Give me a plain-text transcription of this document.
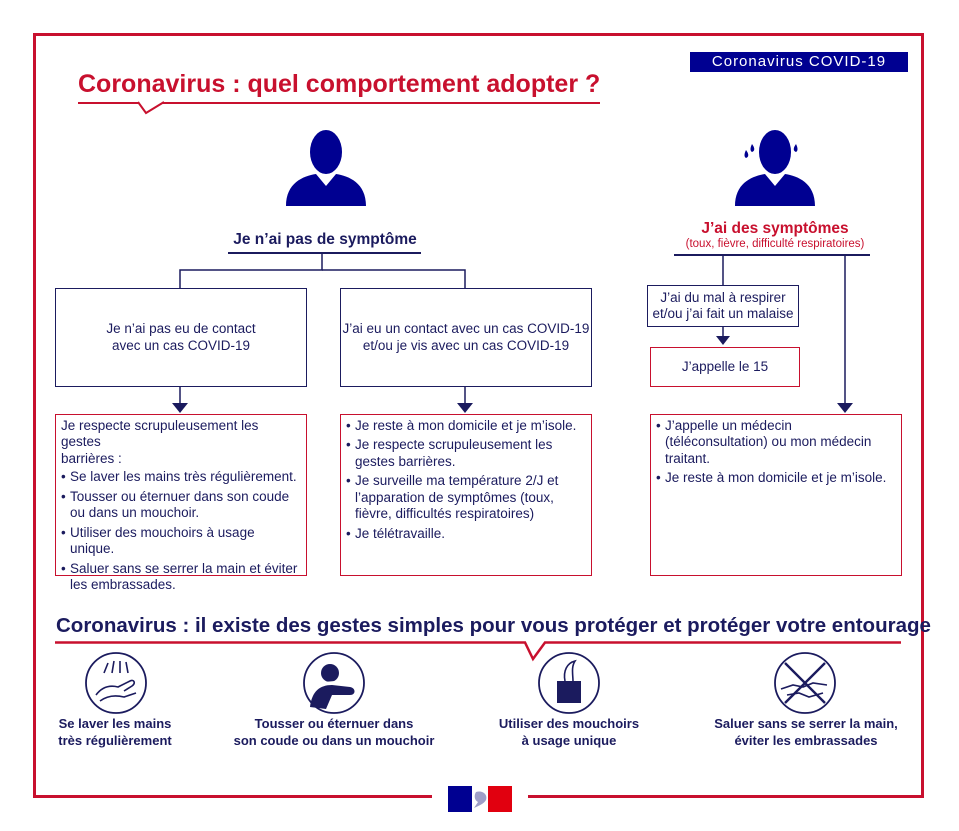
Coronavirus COVID-19
Coronavirus : quel comportement adopter ?
Je n’ai pas de symptôme
J’ai des symptômes
(toux, fièvre, difficulté respiratoires)
Je n’ai pas eu de contact
avec un cas COVID-19
J’ai eu un contact avec un cas COVID-19
et/ou je vis avec un cas COVID-19

Je respecte scrupuleusement les gestes
barrières :

• Se laver les mains très régulièrement.
• Tousser ou éternuer dans son coude
ou dans un mouchoir.
• Utiliser des mouchoirs à usage
unique.
• Saluer sans se serrer la main et éviter
les embrassades.
• Je reste à mon domicile et je m’isole.
• Je respecte scrupuleusement les
gestes barrières.
• Je surveille ma température 2/J et
l’apparation de symptômes (toux,
fièvre, difficultés respiratoires)
• Je télétravaille.
J’ai du mal à respirer
et/ou j’ai fait un malaise
J’appelle le 15
• J’appelle un médecin
(téléconsultation) ou mon médecin
traitant.
• Je reste à mon domicile et je m’isole.
Coronavirus : il existe des gestes simples pour vous protéger et protéger votre entourage
Se laver les mains
très régulièrement
Tousser ou éternuer dans
son coude ou dans un mouchoir
Utiliser des mouchoirs
à usage unique
Saluer sans se serrer la main,
éviter les embrassades
